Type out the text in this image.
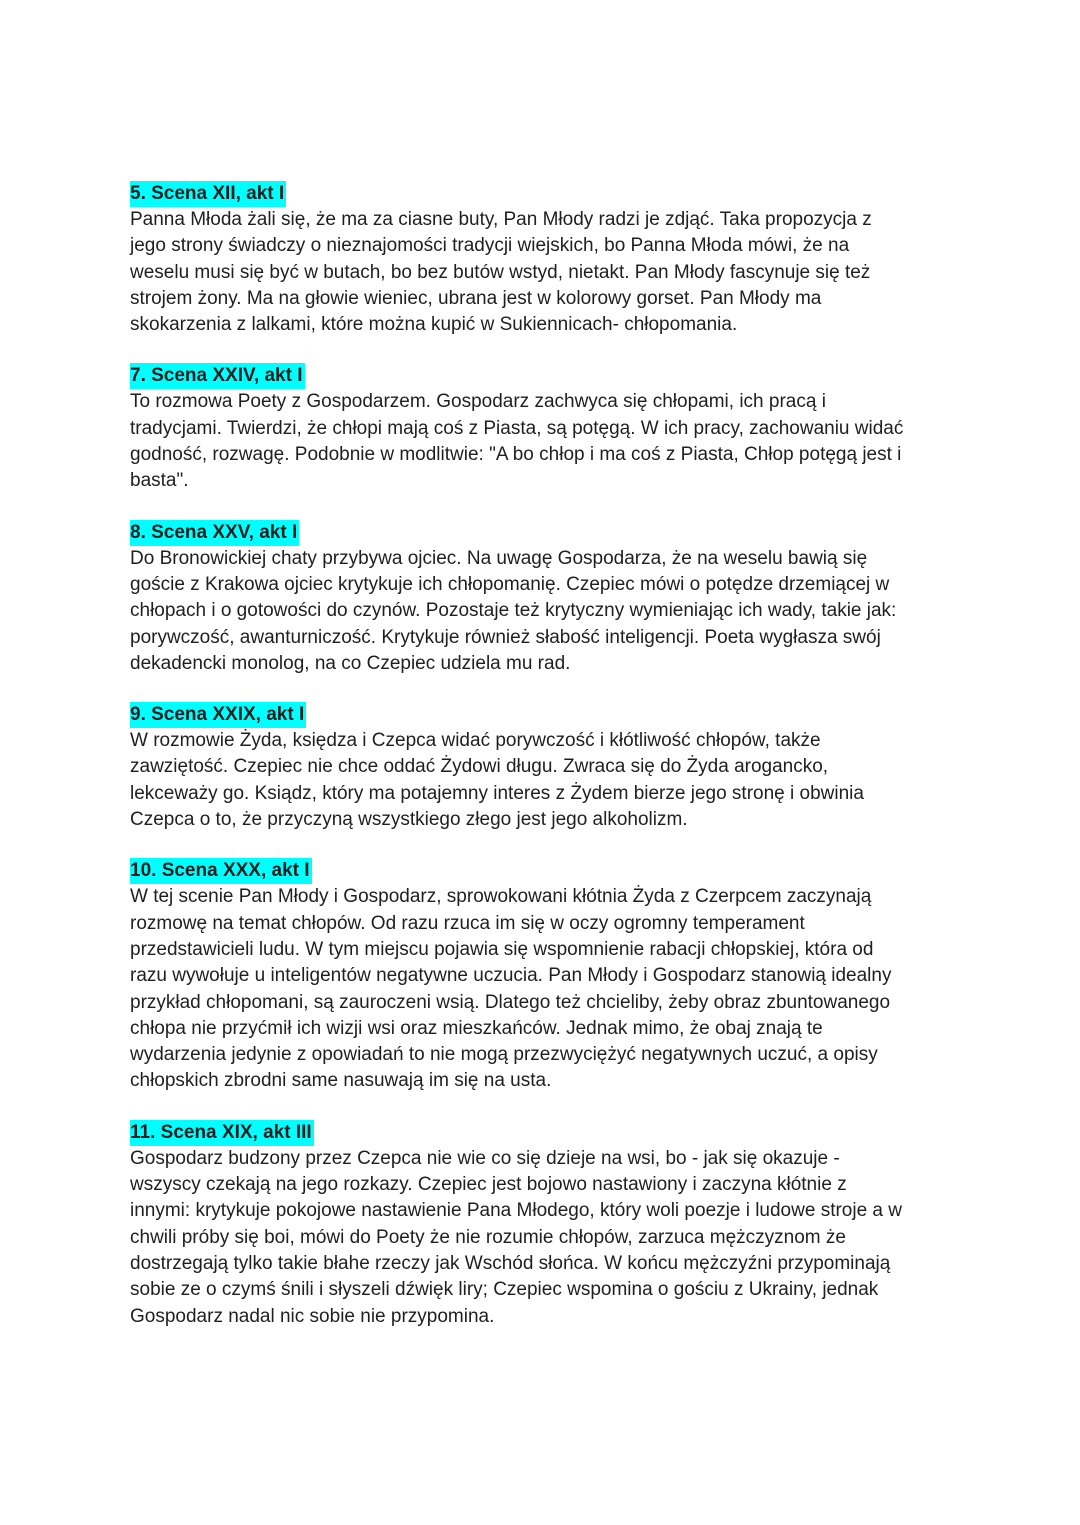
5. Scena XII, akt I

Panna Młoda żali się, że ma za ciasne buty, Pan Młody radzi je zdjąć. Taka propozycja z
jego strony świadczy o nieznajomości tradycji wiejskich, bo Panna Młoda mówi, że na
weselu musi się być w butach, bo bez butów wstyd, nietakt. Pan Młody fascynuje się też
strojem żony. Ma na głowie wieniec, ubrana jest w kolorowy gorset. Pan Młody ma
skokarzenia z lalkami, które można kupić w Sukiennicach- chłopomania.

7. Scena XXIV, akt I

To rozmowa Poety z Gospodarzem. Gospodarz zachwyca się chłopami, ich pracą i
tradycjami. Twierdzi, że chłopi mają coś z Piasta, są potęgą. W ich pracy, zachowaniu widać
godność, rozwagę. Podobnie w modlitwie: "A bo chłop i ma coś z Piasta, Chłop potęgą jest i
basta".

8. Scena XXV, akt I

Do Bronowickiej chaty przybywa ojciec. Na uwagę Gospodarza, że na weselu bawią się
goście z Krakowa ojciec krytykuje ich chłopomanię. Czepiec mówi o potędze drzemiącej w
chłopach i o gotowości do czynów. Pozostaje też krytyczny wymieniając ich wady, takie jak:
porywczość, awanturniczość. Krytykuje również słabość inteligencji. Poeta wygłasza swój
dekadencki monolog, na co Czepiec udziela mu rad.

9. Scena XXIX, akt I

W rozmowie Żyda, księdza i Czepca widać porywczość i kłótliwość chłopów, także
zawziętość. Czepiec nie chce oddać Żydowi długu. Zwraca się do Żyda arogancko,
lekceważy go. Ksiądz, który ma potajemny interes z Żydem bierze jego stronę i obwinia
Czepca o to, że przyczyną wszystkiego złego jest jego alkoholizm.

10. Scena XXX, akt I

W tej scenie Pan Młody i Gospodarz, sprowokowani kłótnia Żyda z Czerpcem zaczynają
rozmowę na temat chłopów. Od razu rzuca im się w oczy ogromny temperament
przedstawicieli ludu. W tym miejscu pojawia się wspomnienie rabacji chłopskiej, która od
razu wywołuje u inteligentów negatywne uczucia. Pan Młody i Gospodarz stanowią idealny
przykład chłopomani, są zauroczeni wsią. Dlatego też chcieliby, żeby obraz zbuntowanego
chłopa nie przyćmił ich wizji wsi oraz mieszkańców. Jednak mimo, że obaj znają te
wydarzenia jedynie z opowiadań to nie mogą przezwyciężyć negatywnych uczuć, a opisy
chłopskich zbrodni same nasuwają im się na usta.

11. Scena XIX, akt III

Gospodarz budzony przez Czepca nie wie co się dzieje na wsi, bo - jak się okazuje -
wszyscy czekają na jego rozkazy. Czepiec jest bojowo nastawiony i zaczyna kłótnie z
innymi: krytykuje pokojowe nastawienie Pana Młodego, który woli poezje i ludowe stroje a w
chwili próby się boi, mówi do Poety że nie rozumie chłopów, zarzuca mężczyznom że
dostrzegają tylko takie błahe rzeczy jak Wschód słońca. W końcu mężczyźni przypominają
sobie ze o czymś śnili i słyszeli dźwięk liry; Czepiec wspomina o gościu z Ukrainy, jednak
Gospodarz nadal nic sobie nie przypomina.
